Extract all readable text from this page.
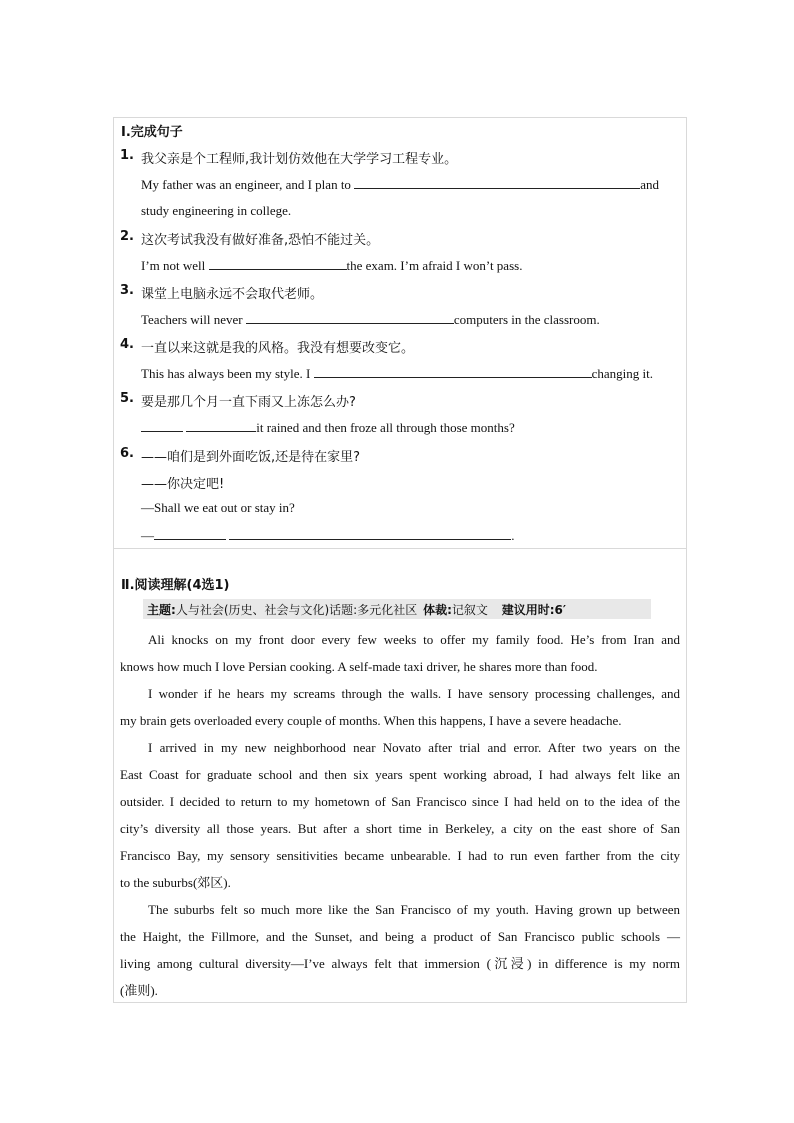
Ⅰ.完成句子
1. 我父亲是个工程师,我计划仿效他在大学学习工程专业。
My father was an engineer, and I plan to	and
study engineering in college.
2. 这次考试我没有做好准备,恐怕不能过关。
I’m not well	the exam. I’m afraid I won’t pass.
3. 课堂上电脑永远不会取代老师。
Teachers will never	computers in the classroom.
4. 一直以来这就是我的风格。我没有想要改变它。
This has always been my style. I	changing it.
5. 要是那几个月一直下雨又上冻怎么办?
it rained and then froze all through those months?
6. ——咱们是到外面吃饭,还是待在家里?
——你决定吧!
—Shall we eat out or stay in?
—	.
Ⅱ.阅读理解(4选1)
主题:人与社会(历史、社会与文化)话题:多元化社区 体裁:记叙文 建议用时:6′
Ali knocks on my front door every few weeks to offer my family food. He’s from Iran and
knows how much I love Persian cooking. A self-made taxi driver, he shares more than food.
I wonder if he hears my screams through the walls. I have sensory processing challenges, and
my brain gets overloaded every couple of months. When this happens, I have a severe headache.
I arrived in my new neighborhood near Novato after trial and error. After two years on the
East Coast for graduate school and then six years spent working abroad, I had always felt like an
outsider. I decided to return to my hometown of San Francisco since I had held on to the idea of the
city’s diversity all those years. But after a short time in Berkeley, a city on the east shore of San
Francisco Bay, my sensory sensitivities became unbearable. I had to run even farther from the city
to the suburbs(郊区).
The suburbs felt so much more like the San Francisco of my youth. Having grown up between
the Haight, the Fillmore, and the Sunset, and being a product of San Francisco public schools —
living among cultural diversity—I’ve always felt that immersion (沉浸) in difference is my norm
(准则).
